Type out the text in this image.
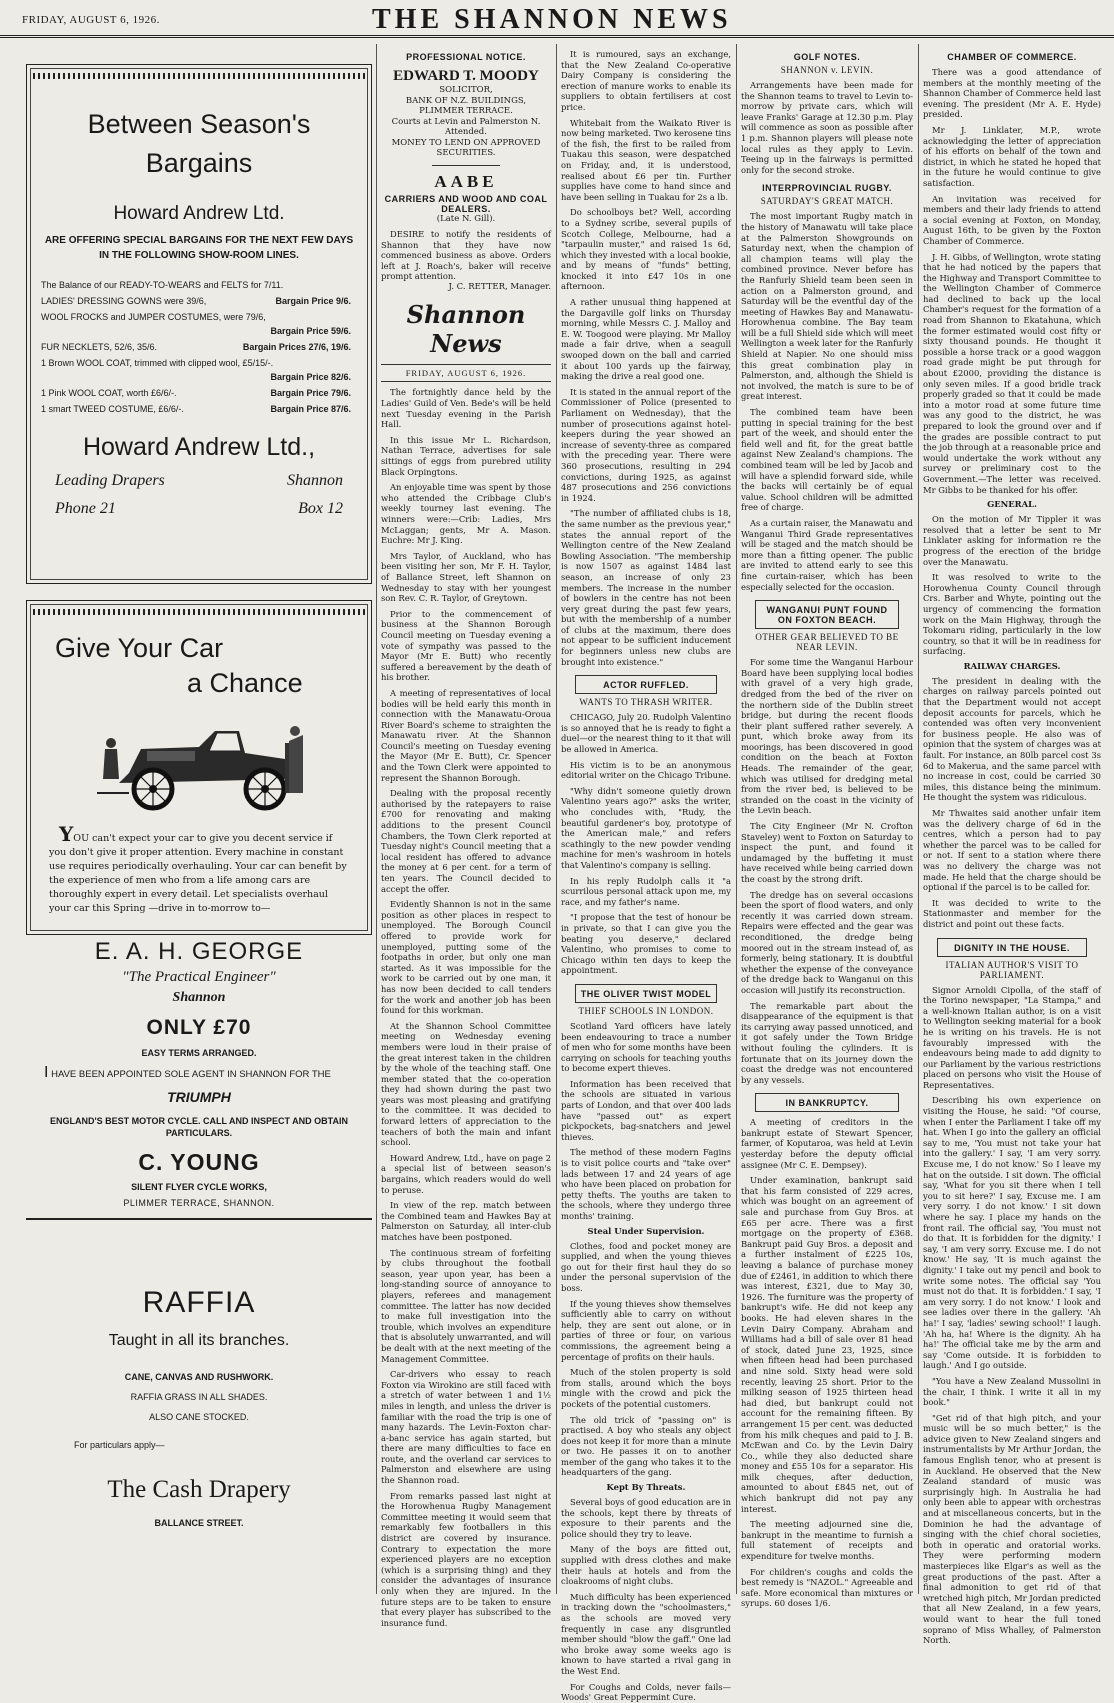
FRIDAY, AUGUST 6, 1926.	THE SHANNON NEWS
Between Season's
Bargains
Howard Andrew Ltd.
ARE OFFERING SPECIAL BARGAINS FOR THE NEXT FEW DAYS IN THE FOLLOWING SHOW-ROOM LINES.
The Balance of our READY-TO-WEARS and FELTS for 7/11.
LADIES' DRESSING GOWNS were 39/6,	Bargain Price 9/6.
WOOL FROCKS and JUMPER COSTUMES, were 79/6,
Bargain Price 59/6.
FUR NECKLETS, 52/6, 35/6.	Bargain Prices 27/6, 19/6.
1 Brown WOOL COAT, trimmed with clipped wool, £5/15/-.
Bargain Price 82/6.
1 Pink WOOL COAT, worth £6/6/-.	Bargain Price 79/6.
1 smart TWEED COSTUME, £6/6/-.	Bargain Price 87/6.
Howard Andrew Ltd.,
Leading Drapers	Shannon
Phone 21	Box 12
Give Your Car
a Chance
YOU can't expect your car to give you decent service if you don't give it proper attention. Every machine in constant use requires periodically overhauling. Your car can benefit by the experience of men who from a life among cars are thoroughly expert in every detail. Let specialists overhaul your car this Spring —drive in to-morrow to—
E. A. H. GEORGE
"The Practical Engineer"
Shannon
ONLY £70
EASY TERMS ARRANGED.
I HAVE BEEN APPOINTED SOLE AGENT IN SHANNON FOR THE
TRIUMPH
ENGLAND'S BEST MOTOR CYCLE. CALL AND INSPECT AND OBTAIN PARTICULARS.
C. YOUNG
SILENT FLYER CYCLE WORKS,
PLIMMER TERRACE, SHANNON.
RAFFIA
Taught in all its branches.
CANE, CANVAS AND RUSHWORK.
RAFFIA GRASS IN ALL SHADES.
ALSO CANE STOCKED.
For particulars apply—
The Cash Drapery
BALLANCE STREET.
PROFESSIONAL NOTICE.
EDWARD T. MOODY
SOLICITOR,
BANK OF N.Z. BUILDINGS,
PLIMMER TERRACE.
Courts at Levin and Palmerston N. Attended.
MONEY TO LEND ON APPROVED SECURITIES.
AABE
CARRIERS AND WOOD AND COAL DEALERS.
(Late N. Gill).

DESIRE to notify the residents of Shannon that they have now commenced business as above. Orders left at J. Roach's, baker will receive prompt attention.

J. C. RETTER, Manager.
Shannon News
FRIDAY, AUGUST 6, 1926.

The fortnightly dance held by the Ladies' Guild of Ven. Bede's will be held next Tuesday evening in the Parish Hall.

In this issue Mr L. Richardson, Nathan Terrace, advertises for sale sittings of eggs from purebred utility Black Orpingtons.

An enjoyable time was spent by those who attended the Cribbage Club's weekly tourney last evening. The winners were:—Crib: Ladies, Mrs McLaggan; gents, Mr A. Mason. Euchre: Mr J. King.

Mrs Taylor, of Auckland, who has been visiting her son, Mr F. H. Taylor, of Ballance Street, left Shannon on Wednesday to stay with her youngest son Rev. C. R. Taylor, of Greytown.

Prior to the commencement of business at the Shannon Borough Council meeting on Tuesday evening a vote of sympathy was passed to the Mayor (Mr E. Butt) who recently suffered a bereavement by the death of his brother.

A meeting of representatives of local bodies will be held early this month in connection with the Manawatu-Oroua River Board's scheme to straighten the Manawatu river. At the Shannon Council's meeting on Tuesday evening the Mayor (Mr E. Butt), Cr. Spencer and the Town Clerk were appointed to represent the Shannon Borough.

Dealing with the proposal recently authorised by the ratepayers to raise £700 for renovating and making additions to the present Council Chambers, the Town Clerk reported at Tuesday night's Council meeting that a local resident has offered to advance the money at 6 per cent. for a term of ten years. The Council decided to accept the offer.

Evidently Shannon is not in the same position as other places in respect to unemployed. The Borough Council offered to provide work for unemployed, putting some of the footpaths in order, but only one man started. As it was impossible for the work to be carried out by one man, it has now been decided to call tenders for the work and another job has been found for this workman.

At the Shannon School Committee meeting on Wednesday evening members were loud in their praise of the great interest taken in the children by the whole of the teaching staff. One member stated that the co-operation they had shown during the past two years was most pleasing and gratifying to the committee. It was decided to forward letters of appreciation to the teachers of both the main and infant school.

Howard Andrew, Ltd., have on page 2 a special list of between season's bargains, which readers would do well to peruse.

In view of the rep. match between the Combined team and Hawkes Bay at Palmerston on Saturday, all inter-club matches have been postponed.

The continuous stream of forfeiting by clubs throughout the football season, year upon year, has been a long-standing source of annoyance to players, referees and management committee. The latter has now decided to make full investigation into the trouble, which involves an expenditure that is absolutely unwarranted, and will be dealt with at the next meeting of the Management Committee.

Car-drivers who essay to reach Foxton via Wirokino are still faced with a stretch of water between 1 and 1½ miles in length, and unless the driver is familiar with the road the trip is one of many hazards. The Levin-Foxton char-a-banc service has again started, but there are many difficulties to face en route, and the overland car services to Palmerston and elsewhere are using the Shannon road.

From remarks passed last night at the Horowhenua Rugby Management Committee meeting it would seem that remarkably few footballers in this district are covered by insurance. Contrary to expectation the more experienced players are no exception (which is a surprising thing) and they consider the advantages of insurance only when they are injured. In the future steps are to be taken to ensure that every player has subscribed to the insurance fund.

It is rumoured, says an exchange, that the New Zealand Co-operative Dairy Company is considering the erection of manure works to enable its suppliers to obtain fertilisers at cost price.

Whitebait from the Waikato River is now being marketed. Two kerosene tins of the fish, the first to be railed from Tuakau this season, were despatched on Friday, and, it is understood, realised about £6 per tin. Further supplies have come to hand since and have been selling in Tuakau for 2s a lb.

Do schoolboys bet? Well, according to a Sydney scribe, several pupils of Scotch College, Melbourne, had a "tarpaulin muster," and raised 1s 6d, which they invested with a local bookie, and by means of "funds" betting, knocked it into £47 10s in one afternoon.

A rather unusual thing happened at the Dargaville golf links on Thursday morning, while Messrs C. J. Malloy and E. W. Toogood were playing. Mr Malloy made a fair drive, when a seagull swooped down on the ball and carried it about 100 yards up the fairway, making the drive a real good one.

It is stated in the annual report of the Commissioner of Police (presented to Parliament on Wednesday), that the number of prosecutions against hotel-keepers during the year showed an increase of seventy-three as compared with the preceding year. There were 360 prosecutions, resulting in 294 convictions, during 1925, as against 487 prosecutions and 256 convictions in 1924.

"The number of affiliated clubs is 18, the same number as the previous year," states the annual report of the Wellington centre of the New Zealand Bowling Association. "The membership is now 1507 as against 1484 last season, an increase of only 23 members. The increase in the number of bowlers in the centre has not been very great during the past few years, but with the membership of a number of clubs at the maximum, there does not appear to be sufficient inducement for beginners unless new clubs are brought into existence."

ACTOR RUFFLED.
WANTS TO THRASH WRITER.

CHICAGO, July 20. Rudolph Valentino is so annoyed that he is ready to fight a duel—or the nearest thing to it that will be allowed in America.

His victim is to be an anonymous editorial writer on the Chicago Tribune.

"Why didn't someone quietly drown Valentino years ago?" asks the writer, who concludes with, "Rudy, the beautiful gardener's boy, prototype of the American male," and refers scathingly to the new powder vending machine for men's washroom in hotels that Valentino's company is selling.

In his reply Rudolph calls it "a scurrilous personal attack upon me, my race, and my father's name.

"I propose that the test of honour be in private, so that I can give you the beating you deserve," declared Valentino, who promises to come to Chicago within ten days to keep the appointment.

THE OLIVER TWIST MODEL
THIEF SCHOOLS IN LONDON.

Scotland Yard officers have lately been endeavouring to trace a number of men who for some months have been carrying on schools for teaching youths to become expert thieves.

Information has been received that the schools are situated in various parts of London, and that over 400 lads have "passed out" as expert pickpockets, bag-snatchers and jewel thieves.

The method of these modern Fagins is to visit police courts and "take over" lads between 17 and 24 years of age who have been placed on probation for petty thefts. The youths are taken to the schools, where they undergo three months' training.

Steal Under Supervision.

Clothes, food and pocket money are supplied, and when the young thieves go out for their first haul they do so under the personal supervision of the boss.

If the young thieves show themselves sufficiently able to carry on without help, they are sent out alone, or in parties of three or four, on various commissions, the agreement being a percentage of profits on their hauls.

Much of the stolen property is sold from stalls, around which the boys mingle with the crowd and pick the pockets of the potential customers.

The old trick of "passing on" is practised. A boy who steals any object does not keep it for more than a minute or two. He passes it on to another member of the gang who takes it to the headquarters of the gang.

Kept By Threats.

Several boys of good education are in the schools, kept there by threats of exposure to their parents and the police should they try to leave.

Many of the boys are fitted out, supplied with dress clothes and make their hauls at hotels and from the cloakrooms of night clubs.

Much difficulty has been experienced in tracking down the "schoolmasters," as the schools are moved very frequently in case any disgruntled member should "blow the gaff." One lad who broke away some weeks ago is known to have started a rival gang in the West End.

For Coughs and Colds, never fails—Woods' Great Peppermint Cure.

GOLF NOTES.
SHANNON v. LEVIN.

Arrangements have been made for the Shannon teams to travel to Levin to-morrow by private cars, which will leave Franks' Garage at 12.30 p.m. Play will commence as soon as possible after 1 p.m. Shannon players will please note local rules as they apply to Levin. Teeing up in the fairways is permitted only for the second stroke.

INTERPROVINCIAL RUGBY.
SATURDAY'S GREAT MATCH.

The most important Rugby match in the history of Manawatu will take place at the Palmerston Showgrounds on Saturday next, when the champion of all champion teams will play the combined province. Never before has the Ranfurly Shield team been seen in action on a Palmerston ground, and Saturday will be the eventful day of the meeting of Hawkes Bay and Manawatu-Horowhenua combine. The Bay team will be a full Shield side which will meet Wellington a week later for the Ranfurly Shield at Napier. No one should miss this great combination play in Palmerston, and, although the Shield is not involved, the match is sure to be of great interest.

The combined team have been putting in special training for the best part of the week, and should enter the field well and fit, for the great battle against New Zealand's champions. The combined team will be led by Jacob and will have a splendid forward side, while the backs will certainly be of equal value. School children will be admitted free of charge.

As a curtain raiser, the Manawatu and Wanganui Third Grade representatives will be staged and the match should be more than a fitting opener. The public are invited to attend early to see this fine curtain-raiser, which has been especially selected for the occasion.

WANGANUI PUNT FOUND ON FOXTON BEACH.
OTHER GEAR BELIEVED TO BE NEAR LEVIN.

For some time the Wanganui Harbour Board have been supplying local bodies with gravel of a very high grade, dredged from the bed of the river on the northern side of the Dublin street bridge, but during the recent floods their plant suffered rather severely. A punt, which broke away from its moorings, has been discovered in good condition on the beach at Foxton Heads. The remainder of the gear, which was utilised for dredging metal from the river bed, is believed to be stranded on the coast in the vicinity of the Levin beach.

The City Engineer (Mr N. Crofton Staveley) went to Foxton on Saturday to inspect the punt, and found it undamaged by the buffeting it must have received while being carried down the coast by the strong drift.

The dredge has on several occasions been the sport of flood waters, and only recently it was carried down stream. Repairs were effected and the gear was reconditioned, the dredge being moored out in the stream instead of, as formerly, being stationary. It is doubtful whether the expense of the conveyance of the dredge back to Wanganui on this occasion will justify its reconstruction.

The remarkable part about the disappearance of the equipment is that its carrying away passed unnoticed, and it got safely under the Town Bridge without fouling the cylinders. It is fortunate that on its journey down the coast the dredge was not encountered by any vessels.

IN BANKRUPTCY.

A meeting of creditors in the bankrupt estate of Stewart Spencer, farmer, of Koputaroa, was held at Levin yesterday before the deputy official assignee (Mr C. E. Dempsey).

Under examination, bankrupt said that his farm consisted of 229 acres, which was bought on an agreement of sale and purchase from Guy Bros. at £65 per acre. There was a first mortgage on the property of £368. Bankrupt paid Guy Bros. a deposit and a further instalment of £225 10s, leaving a balance of purchase money due of £2461, in addition to which there was interest, £321, due to May 30, 1926. The furniture was the property of bankrupt's wife. He did not keep any books. He had eleven shares in the Levin Dairy Company. Abraham and Williams had a bill of sale over 81 head of stock, dated June 23, 1925, since when fifteen head had been purchased and nine sold. Sixty head were sold recently, leaving 25 short. Prior to the milking season of 1925 thirteen head had died, but bankrupt could not account for the remaining fifteen. By arrangement 15 per cent. was deducted from his milk cheques and paid to J. B. McEwan and Co. by the Levin Dairy Co., while they also deducted share money and £55 10s for a separator. His milk cheques, after deduction, amounted to about £845 net, out of which bankrupt did not pay any interest.

The meeting adjourned sine die, bankrupt in the meantime to furnish a full statement of receipts and expenditure for twelve months.

For children's coughs and colds the best remedy is "NAZOL." Agreeable and safe. More economical than mixtures or syrups. 60 doses 1/6.

CHAMBER OF COMMERCE.

There was a good attendance of members at the monthly meeting of the Shannon Chamber of Commerce held last evening. The president (Mr A. E. Hyde) presided.

Mr J. Linklater, M.P., wrote acknowledging the letter of appreciation of his efforts on behalf of the town and district, in which he stated he hoped that in the future he would continue to give satisfaction.

An invitation was received for members and their lady friends to attend a social evening at Foxton, on Monday, August 16th, to be given by the Foxton Chamber of Commerce.

J. H. Gibbs, of Wellington, wrote stating that he had noticed by the papers that the Highway and Transport Committee to the Wellington Chamber of Commerce had declined to back up the local Chamber's request for the formation of a road from Shannon to Ekatahuna, which the former estimated would cost fifty or sixty thousand pounds. He thought it possible a horse track or a good waggon road grade might be put through for about £2000, providing the distance is only seven miles. If a good bridle track properly graded so that it could be made into a motor road at some future time was any good to the district, he was prepared to look the ground over and if the grades are possible contract to put the job through at a reasonable price and would undertake the work without any survey or preliminary cost to the Government.—The letter was received. Mr Gibbs to be thanked for his offer.

GENERAL.

On the motion of Mr Tippler it was resolved that a letter be sent to Mr Linklater asking for information re the progress of the erection of the bridge over the Manawatu.

It was resolved to write to the Horowhenua County Council through Crs. Barber and Whyte, pointing out the urgency of commencing the formation work on the Main Highway, through the Tokomaru riding, particularly in the low country, so that it will be in readiness for surfacing.

RAILWAY CHARGES.

The president in dealing with the charges on railway parcels pointed out that the Department would not accept deposit accounts for parcels, which he contended was often very inconvenient for business people. He also was of opinion that the system of charges was at fault. For instance, an 80lb parcel cost 3s 6d to Makerua, and the same parcel with no increase in cost, could be carried 30 miles, this distance being the minimum. He thought the system was ridiculous.

Mr Thwaites said another unfair item was the delivery charge of 6d in the centres, which a person had to pay whether the parcel was to be called for or not. If sent to a station where there was no delivery the charge was not made. He held that the charge should be optional if the parcel is to be called for.

It was decided to write to the Stationmaster and member for the district and point out these facts.

DIGNITY IN THE HOUSE.
ITALIAN AUTHOR'S VISIT TO PARLIAMENT.

Signor Arnoldi Cipolla, of the staff of the Torino newspaper, "La Stampa," and a well-known Italian author, is on a visit to Wellington seeking material for a book he is writing on his travels. He is not favourably impressed with the endeavours being made to add dignity to our Parliament by the various restrictions placed on persons who visit the House of Representatives.

Describing his own experience on visiting the House, he said: "Of course, when I enter the Parliament I take off my hat. When I go into the gallery an official say to me, 'You must not take your hat into the gallery.' I say, 'I am very sorry. Excuse me, I do not know.' So I leave my hat on the outside. I sit down. The official say, 'What for you sit there when I tell you to sit here?' I say, Excuse me. I am very sorry. I do not know.' I sit down where he say. I place my hands on the front rail. The official say, 'You must not do that. It is forbidden for the dignity.' I say, 'I am very sorry. Excuse me. I do not know.' He say, 'It is much against the dignity.' I take out my pencil and book to write some notes. The official say 'You must not do that. It is forbidden.' I say, 'I am very sorry. I do not know.' I look and see ladies over there in the gallery. 'Ah ha!' I say, 'ladies' sewing school!' I laugh. 'Ah ha, ha! Where is the dignity. Ah ha ha!' The official take me by the arm and say 'Come outside. It is forbidden to laugh.' And I go outside.

"You have a New Zealand Mussolini in the chair, I think. I write it all in my book."

"Get rid of that high pitch, and your music will be so much better," is the advice given to New Zealand singers and instrumentalists by Mr Arthur Jordan, the famous English tenor, who at present is in Auckland. He observed that the New Zealand standard of music was surprisingly high. In Australia he had only been able to appear with orchestras and at miscellaneous concerts, but in the Dominion he had the advantage of singing with the chief choral societies, both in operatic and oratorial works. They were performing modern masterpieces like Elgar's as well as the great productions of the past. After a final admonition to get rid of that wretched high pitch, Mr Jordan predicted that all New Zealand, in a few years, would want to hear the full toned soprano of Miss Whalley, of Palmerston North.
